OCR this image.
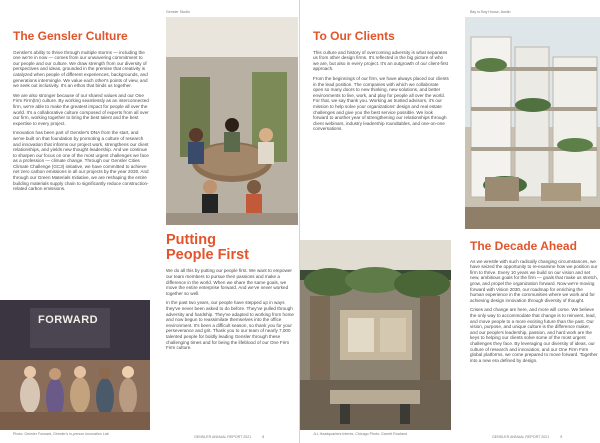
The Gensler Culture

Gensler's ability to thrive through multiple storms — including the one we're in now — comes from our unwavering commitment to our people and our culture. We draw strength from our diversity of perspectives and ideas, grounded in the premise that creativity is catalyzed when people of different experiences, backgrounds, and generations intermingle. We value each other's points of view, and we seek out inclusivity. It's an ethos that binds us together.

We are also stronger because of our shared values and our One Firm Firm(tm) culture. By working seamlessly as an interconnected firm, we're able to make the greatest impact for people all over the world. It's a collaborative culture composed of experts from all over our firm, working together to bring the best talent and the best expertise to every project.

Innovation has been part of Gensler's DNA from the start, and we've built on that foundation by promoting a culture of research and innovation that informs our project work, strengthens our client relationships, and yields new thought leadership. And we continue to sharpen our focus on one of the most urgent challenges we face as a profession — climate change. Through our Gensler Cities Climate Challenge (GC3) initiative, we have committed to achieve net zero carbon emissions in all our projects by the year 2030. And through our Green Materials Initiative, we are reshaping the entire building materials supply chain to significantly reduce construction-related carbon emissions.

FORWARD
Photo: Gensler Forward, Gensler's in-person Innovation Lab
Gensler Studio
Putting
People First

We do all this by putting our people first. We want to empower our team members to pursue their passions and make a difference in the world. When we share the same goals, we move the entire enterprise forward. And we've never worked together so well.

In the past two years, our people have stepped up in ways they've never been asked to do before. They've pulled through adversity and hardship. They've adapted to working from home and now begun to reassimilate themselves into the office environment. It's been a difficult season, so thank you for your perseverance and grit. Thank you to our team of nearly 7,000 talented people for boldly leading Gensler through these challenging times and for being the lifeblood of our One Firm Firm culture.

GENSLER ANNUAL REPORT 2021	8
To Our Clients

This culture and history of overcoming adversity is what separates us from other design firms. It's reflected in the big picture of who we are, but also in every project. It's an outgrowth of our client-first approach.

From the beginnings of our firm, we have always placed our clients in the lead position. The companies with which we collaborate open so many doors to new thinking, new solutions, and better environments to live, work, and play for people all over the world. For that, we say thank you. Working as trusted advisors, it's our mission to help solve your organizations' design and real estate challenges and give you the best service possible. We look forward to another year of strengthening our relationships through client webinars, industry leadership roundtables, and one-on-one conversations.

JLL Headquarters Interior, Chicago Photo: Garrett Rowland
Bay to Bay House, Austin
The Decade Ahead

As we wrestle with such radically changing circumstances, we have seized the opportunity to re-examine how we position our firm to thrive. Every 10 years we build on our vision and set new, ambitious goals for the firm — goals that make us stretch, grow, and propel the organization forward. Now we're moving forward with Vision 2030, our roadmap for enriching the human experience in the communities where we work and for achieving design innovation through diversity of thought.

Crises and change are here, and more will come. We believe the only way to accommodate that change is to reinvent, lead, and move people to a more exciting future than the past. Our vision, purpose, and unique culture is the difference maker, and our people's leadership, passion, and hard work are the keys to helping our clients solve some of the most urgent challenges they face. By leveraging our diversity of ideas, our culture of research and innovation, and our One Firm Firm global platforms, we come prepared to move forward. Together into a new era defined by design.

GENSLER ANNUAL REPORT 2021	9
